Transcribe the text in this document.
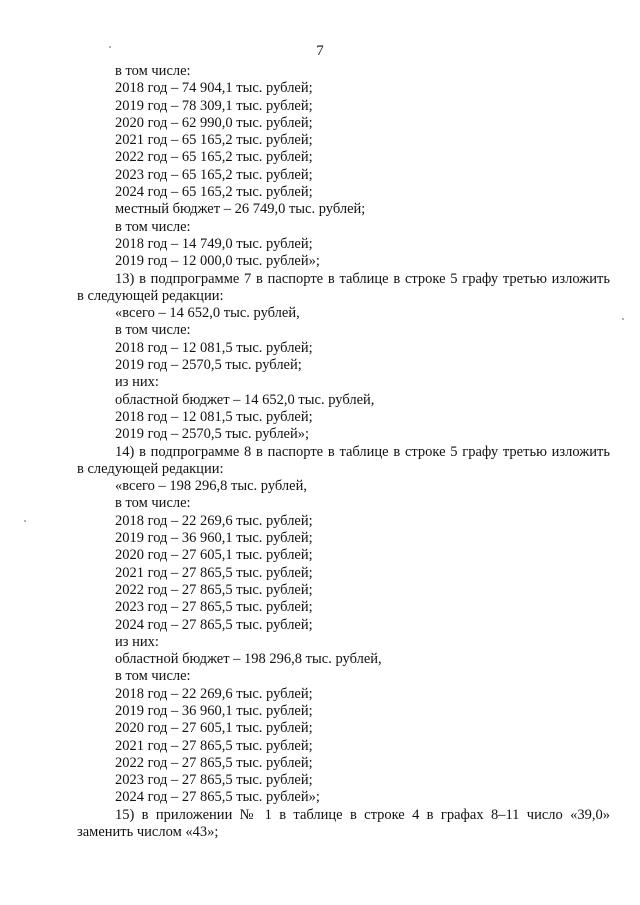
7
в том числе:
2018 год – 74 904,1 тыс. рублей;
2019 год – 78 309,1 тыс. рублей;
2020 год – 62 990,0 тыс. рублей;
2021 год – 65 165,2 тыс. рублей;
2022 год – 65 165,2 тыс. рублей;
2023 год – 65 165,2 тыс. рублей;
2024 год – 65 165,2 тыс. рублей;
местный бюджет – 26 749,0 тыс. рублей;
в том числе:
2018 год – 14 749,0 тыс. рублей;
2019 год – 12 000,0 тыс. рублей»;
13) в подпрограмме 7 в паспорте в таблице в строке 5 графу третью изложить
в следующей редакции:
«всего – 14 652,0 тыс. рублей,
в том числе:
2018 год – 12 081,5 тыс. рублей;
2019 год – 2570,5 тыс. рублей;
из них:
областной бюджет – 14 652,0 тыс. рублей,
2018 год – 12 081,5 тыс. рублей;
2019 год – 2570,5 тыс. рублей»;
14) в подпрограмме 8 в паспорте в таблице в строке 5 графу третью изложить
в следующей редакции:
«всего – 198 296,8 тыс. рублей,
в том числе:
2018 год – 22 269,6 тыс. рублей;
2019 год – 36 960,1 тыс. рублей;
2020 год – 27 605,1 тыс. рублей;
2021 год – 27 865,5 тыс. рублей;
2022 год – 27 865,5 тыс. рублей;
2023 год – 27 865,5 тыс. рублей;
2024 год – 27 865,5 тыс. рублей;
из них:
областной бюджет – 198 296,8 тыс. рублей,
в том числе:
2018 год – 22 269,6 тыс. рублей;
2019 год – 36 960,1 тыс. рублей;
2020 год – 27 605,1 тыс. рублей;
2021 год – 27 865,5 тыс. рублей;
2022 год – 27 865,5 тыс. рублей;
2023 год – 27 865,5 тыс. рублей;
2024 год – 27 865,5 тыс. рублей»;
15) в приложении № 1 в таблице в строке 4 в графах 8–11 число «39,0»
заменить числом «43»;
